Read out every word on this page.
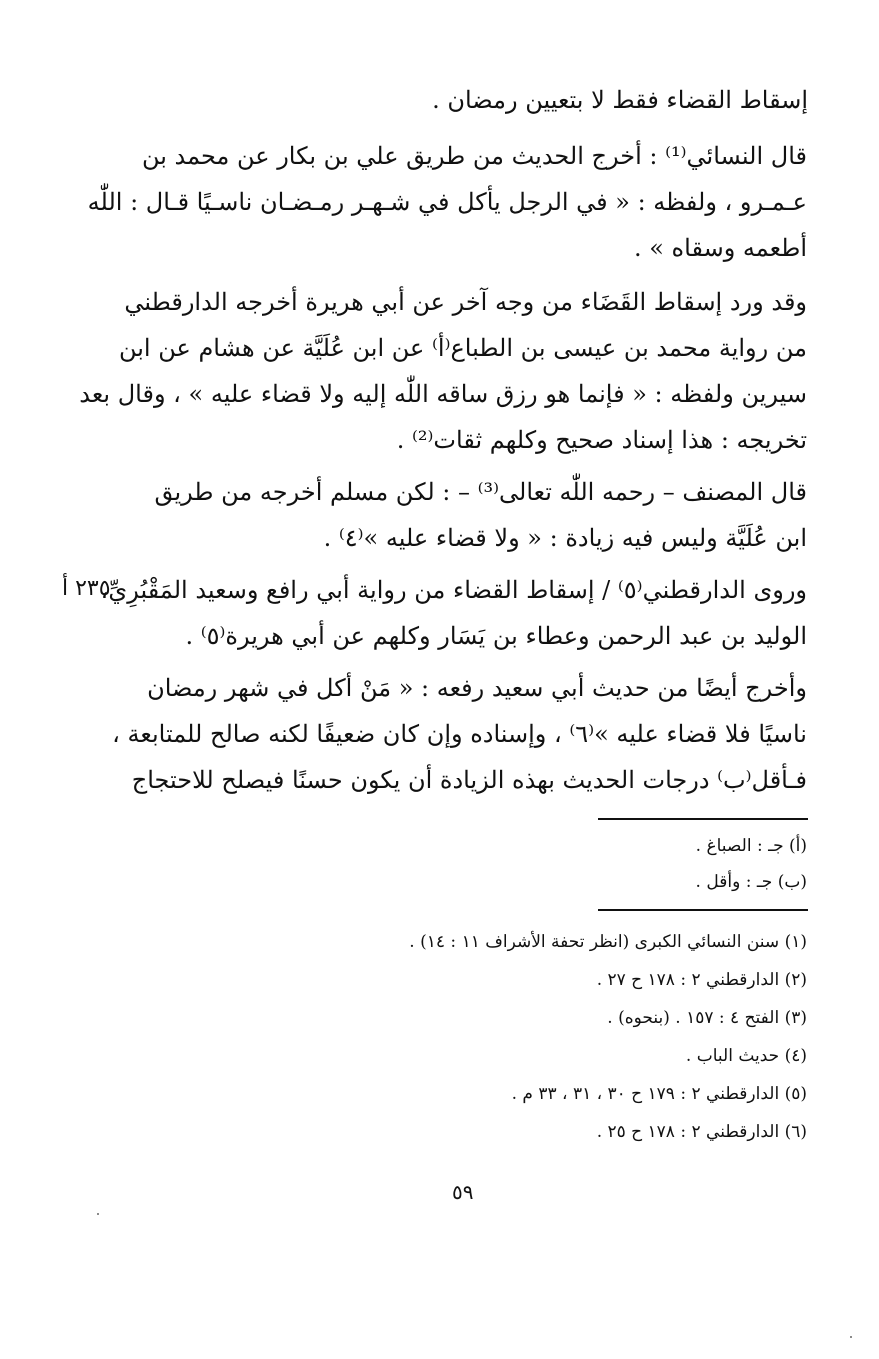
إسقاط القضاء فقط لا بتعيين رمضان .
قال النسائي⁽¹⁾ : أخرج الحديث من طريق علي بن بكار عن محمد بن
عـمـرو ، ولفظه : « في الرجل يأكل في شـهـر رمـضـان ناسـيًا قـال : اللّٰه
أطعمه وسقاه » .
وقد ورد إسقاط القَضَاء من وجه آخر عن أبي هريرة أخرجه الدارقطني
من رواية محمد بن عيسى بن الطباع⁽أ⁾ عن ابن عُلَيَّة عن هشام عن ابن
سيرين ولفظه : « فإنما هو رزق ساقه اللّٰه إليه ولا قضاء عليه » ، وقال بعد
تخريجه : هذا إسناد صحيح وكلهم ثقات⁽²⁾ .
قال المصنف – رحمه اللّٰه تعالى⁽³⁾ – : لكن مسلم أخرجه من طريق
ابن عُلَيَّة وليس فيه زيادة : « ولا قضاء عليه »⁽٤⁾ .
وروى الدارقطني⁽٥⁾ / إسقاط القضاء من رواية أبي رافع وسعيد المَقْبُرِيِّ،
٢٣٥ أ
الوليد بن عبد الرحمن وعطاء بن يَسَار وكلهم عن أبي هريرة⁽٥⁾ .
وأخرج أيضًا من حديث أبي سعيد رفعه : « مَنْ أكل في شهر رمضان
ناسيًا فلا قضاء عليه »⁽٦⁾ ، وإسناده وإن كان ضعيفًا لكنه صالح للمتابعة ،
فـأقل⁽ب⁾ درجات الحديث بهذه الزيادة أن يكون حسنًا فيصلح للاحتجاج
(أ) جـ : الصباغ .
(ب) جـ : وأقل .
(١) سنن النسائي الكبرى (انظر تحفة الأشراف ١١ : ١٤) .
(٢) الدارقطني ٢ : ١٧٨ ح ٢٧ .
(٣) الفتح ٤ : ١٥٧ . (بنحوه) .
(٤) حديث الباب .
(٥) الدارقطني ٢ : ١٧٩ ح ٣٠ ، ٣١ ، ٣٣ م .
(٦) الدارقطني ٢ : ١٧٨ ح ٢٥ .
٥٩
